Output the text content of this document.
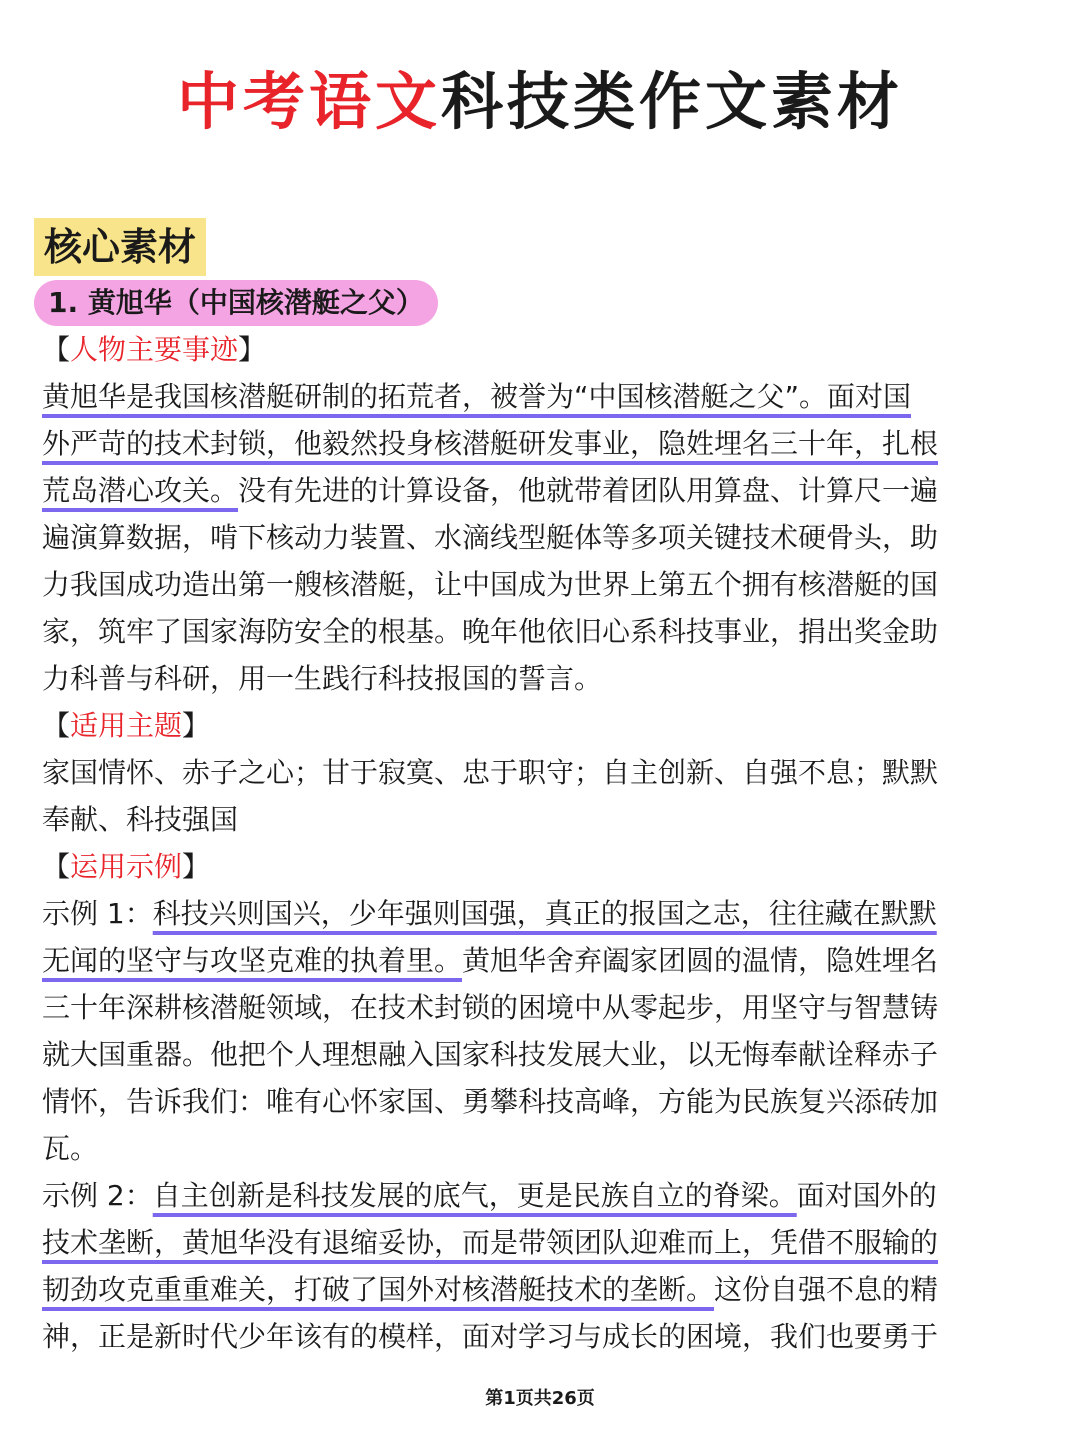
中考语文科技类作文素材
核心素材
1. 黄旭华（中国核潜艇之父）
【人物主要事迹】
黄旭华是我国核潜艇研制的拓荒者，被誉为“中国核潜艇之父”。面对国
外严苛的技术封锁，他毅然投身核潜艇研发事业，隐姓埋名三十年，扎根
荒岛潜心攻关。没有先进的计算设备，他就带着团队用算盘、计算尺一遍
遍演算数据，啃下核动力装置、水滴线型艇体等多项关键技术硬骨头，助
力我国成功造出第一艘核潜艇，让中国成为世界上第五个拥有核潜艇的国
家，筑牢了国家海防安全的根基。晚年他依旧心系科技事业，捐出奖金助
力科普与科研，用一生践行科技报国的誓言。
【适用主题】
家国情怀、赤子之心；甘于寂寞、忠于职守；自主创新、自强不息；默默
奉献、科技强国
【运用示例】
示例 1：科技兴则国兴，少年强则国强，真正的报国之志，往往藏在默默
无闻的坚守与攻坚克难的执着里。黄旭华舍弃阖家团圆的温情，隐姓埋名
三十年深耕核潜艇领域，在技术封锁的困境中从零起步，用坚守与智慧铸
就大国重器。他把个人理想融入国家科技发展大业，以无悔奉献诠释赤子
情怀，告诉我们：唯有心怀家国、勇攀科技高峰，方能为民族复兴添砖加
瓦。
示例 2：自主创新是科技发展的底气，更是民族自立的脊梁。面对国外的
技术垄断，黄旭华没有退缩妥协，而是带领团队迎难而上，凭借不服输的
韧劲攻克重重难关，打破了国外对核潜艇技术的垄断。这份自强不息的精
神，正是新时代少年该有的模样，面对学习与成长的困境，我们也要勇于
第1页共26页
